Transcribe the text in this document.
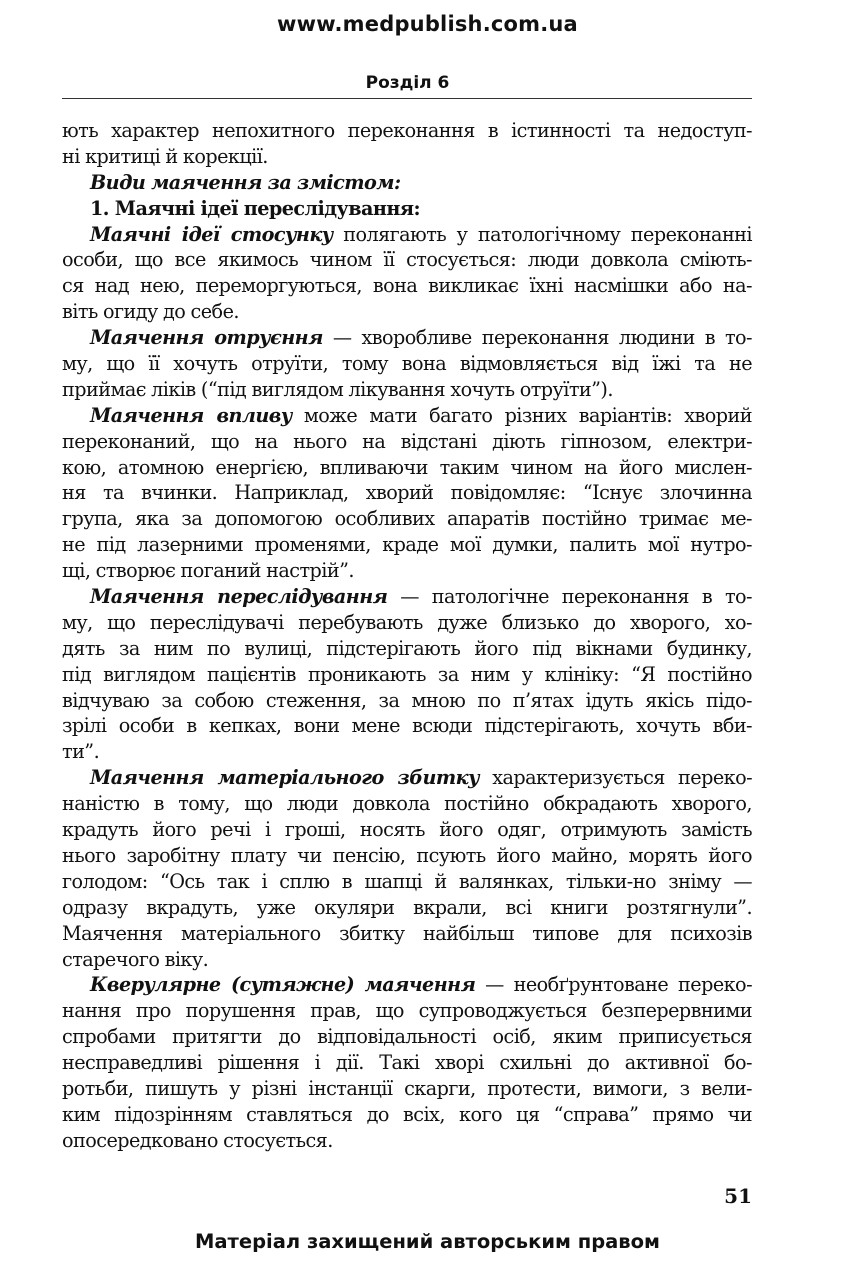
www.medpublish.com.ua
Розділ 6
ють характер непохитного переконання в істинності та недоступ-
ні критиці й корекції.
Види маячення за змістом:
1. Маячні ідеї переслідування:
Маячні ідеї стосунку полягають у патологічному переконанні
особи, що все якимось чином її стосується: люди довкола сміють-
ся над нею, переморгуються, вона викликає їхні насмішки або на-
віть огиду до себе.
Маячення отруєння — хворобливе переконання людини в то-
му, що її хочуть отруїти, тому вона відмовляється від їжі та не
приймає ліків (“під виглядом лікування хочуть отруїти”).
Маячення впливу може мати багато різних варіантів: хворий
переконаний, що на нього на відстані діють гіпнозом, електри-
кою, атомною енергією, впливаючи таким чином на його мислен-
ня та вчинки. Наприклад, хворий повідомляє: “Існує злочинна
група, яка за допомогою особливих апаратів постійно тримає ме-
не під лазерними променями, краде мої думки, палить мої нутро-
щі, створює поганий настрій”.
Маячення переслідування — патологічне переконання в то-
му, що переслідувачі перебувають дуже близько до хворого, хо-
дять за ним по вулиці, підстерігають його під вікнами будинку,
під виглядом пацієнтів проникають за ним у клініку: “Я постійно
відчуваю за собою стеження, за мною по п’ятах ідуть якісь підо-
зрілі особи в кепках, вони мене всюди підстерігають, хочуть вби-
ти”.
Маячення матеріального збитку характеризується переко-
наністю в тому, що люди довкола постійно обкрадають хворого,
крадуть його речі і гроші, носять його одяг, отримують замість
нього заробітну плату чи пенсію, псують його майно, морять його
голодом: “Ось так і сплю в шапці й валянках, тільки-но зніму —
одразу вкрадуть, уже окуляри вкрали, всі книги розтягнули”.
Маячення матеріального збитку найбільш типове для психозів
старечого віку.
Кверулярне (сутяжне) маячення — необґрунтоване переко-
нання про порушення прав, що супроводжується безперервними
спробами притягти до відповідальності осіб, яким приписується
несправедливі рішення і дії. Такі хворі схильні до активної бо-
ротьби, пишуть у різні інстанції скарги, протести, вимоги, з вели-
ким підозрінням ставляться до всіх, кого ця “справа” прямо чи
опосередковано стосується.
51
Матеріал захищений авторським правом
